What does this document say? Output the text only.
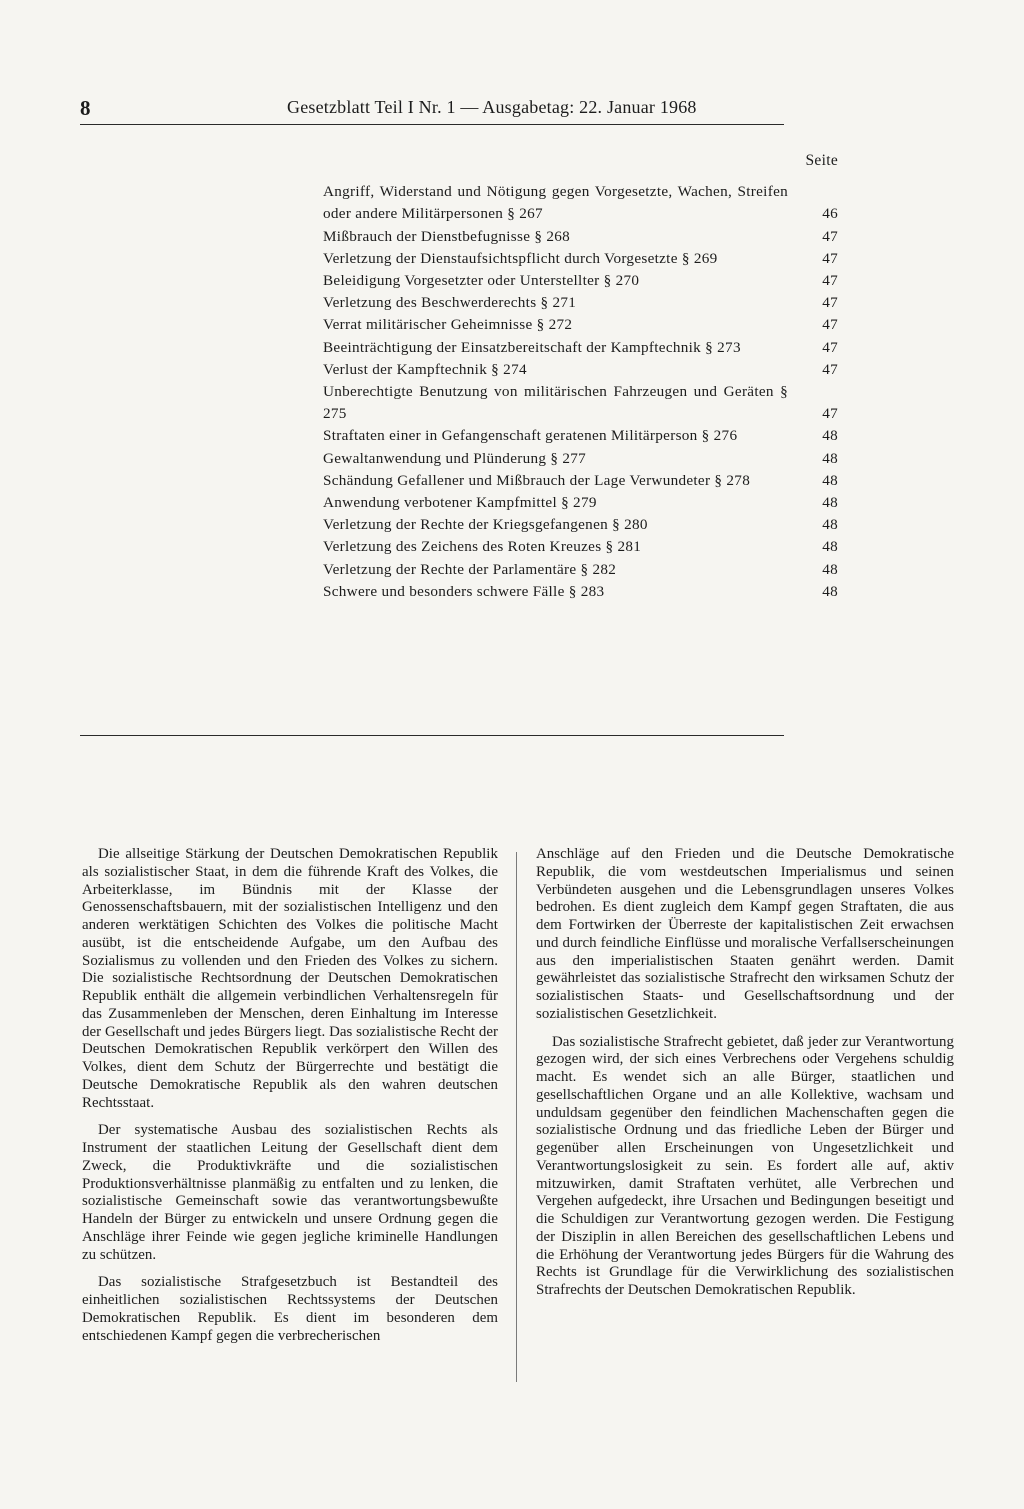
8	Gesetzblatt Teil I Nr. 1 — Ausgabetag: 22. Januar 1968
Seite
Angriff, Widerstand und Nötigung gegen Vorgesetzte, Wachen, Streifen oder andere Militärpersonen § 267	46
Mißbrauch der Dienstbefugnisse § 268	47
Verletzung der Dienstaufsichtspflicht durch Vorgesetzte § 269	47
Beleidigung Vorgesetzter oder Unterstellter § 270	47
Verletzung des Beschwerderechts § 271	47
Verrat militärischer Geheimnisse § 272	47
Beeinträchtigung der Einsatzbereitschaft der Kampftechnik § 273	47
Verlust der Kampftechnik § 274	47
Unberechtigte Benutzung von militärischen Fahrzeugen und Geräten § 275	47
Straftaten einer in Gefangenschaft geratenen Militärperson § 276	48
Gewaltanwendung und Plünderung § 277	48
Schändung Gefallener und Mißbrauch der Lage Verwundeter § 278	48
Anwendung verbotener Kampfmittel § 279	48
Verletzung der Rechte der Kriegsgefangenen § 280	48
Verletzung des Zeichens des Roten Kreuzes § 281	48
Verletzung der Rechte der Parlamentäre § 282	48
Schwere und besonders schwere Fälle § 283	48

Die allseitige Stärkung der Deutschen Demokratischen Republik als sozialistischer Staat, in dem die führende Kraft des Volkes, die Arbeiterklasse, im Bündnis mit der Klasse der Genossenschaftsbauern, mit der sozialistischen Intelligenz und den anderen werktätigen Schichten des Volkes die politische Macht ausübt, ist die entscheidende Aufgabe, um den Aufbau des Sozialismus zu vollenden und den Frieden des Volkes zu sichern. Die sozialistische Rechtsordnung der Deutschen Demokratischen Republik enthält die allgemein verbindlichen Verhaltensregeln für das Zusammenleben der Menschen, deren Einhaltung im Interesse der Gesellschaft und jedes Bürgers liegt. Das sozialistische Recht der Deutschen Demokratischen Republik verkörpert den Willen des Volkes, dient dem Schutz der Bürgerrechte und bestätigt die Deutsche Demokratische Republik als den wahren deutschen Rechtsstaat.

Der systematische Ausbau des sozialistischen Rechts als Instrument der staatlichen Leitung der Gesellschaft dient dem Zweck, die Produktivkräfte und die sozialistischen Produktionsverhältnisse planmäßig zu entfalten und zu lenken, die sozialistische Gemeinschaft sowie das verantwortungsbewußte Handeln der Bürger zu entwickeln und unsere Ordnung gegen die Anschläge ihrer Feinde wie gegen jegliche kriminelle Handlungen zu schützen.

Das sozialistische Strafgesetzbuch ist Bestandteil des einheitlichen sozialistischen Rechtssystems der Deutschen Demokratischen Republik. Es dient im besonderen dem entschiedenen Kampf gegen die verbrecherischen

Anschläge auf den Frieden und die Deutsche Demokratische Republik, die vom westdeutschen Imperialismus und seinen Verbündeten ausgehen und die Lebensgrundlagen unseres Volkes bedrohen. Es dient zugleich dem Kampf gegen Straftaten, die aus dem Fortwirken der Überreste der kapitalistischen Zeit erwachsen und durch feindliche Einflüsse und moralische Verfallserscheinungen aus den imperialistischen Staaten genährt werden. Damit gewährleistet das sozialistische Strafrecht den wirksamen Schutz der sozialistischen Staats- und Gesellschaftsordnung und der sozialistischen Gesetzlichkeit.

Das sozialistische Strafrecht gebietet, daß jeder zur Verantwortung gezogen wird, der sich eines Verbrechens oder Vergehens schuldig macht. Es wendet sich an alle Bürger, staatlichen und gesellschaftlichen Organe und an alle Kollektive, wachsam und unduldsam gegenüber den feindlichen Machenschaften gegen die sozialistische Ordnung und das friedliche Leben der Bürger und gegenüber allen Erscheinungen von Ungesetzlichkeit und Verantwortungslosigkeit zu sein. Es fordert alle auf, aktiv mitzuwirken, damit Straftaten verhütet, alle Verbrechen und Vergehen aufgedeckt, ihre Ursachen und Bedingungen beseitigt und die Schuldigen zur Verantwortung gezogen werden. Die Festigung der Disziplin in allen Bereichen des gesellschaftlichen Lebens und die Erhöhung der Verantwortung jedes Bürgers für die Wahrung des Rechts ist Grundlage für die Verwirklichung des sozialistischen Strafrechts der Deutschen Demokratischen Republik.
